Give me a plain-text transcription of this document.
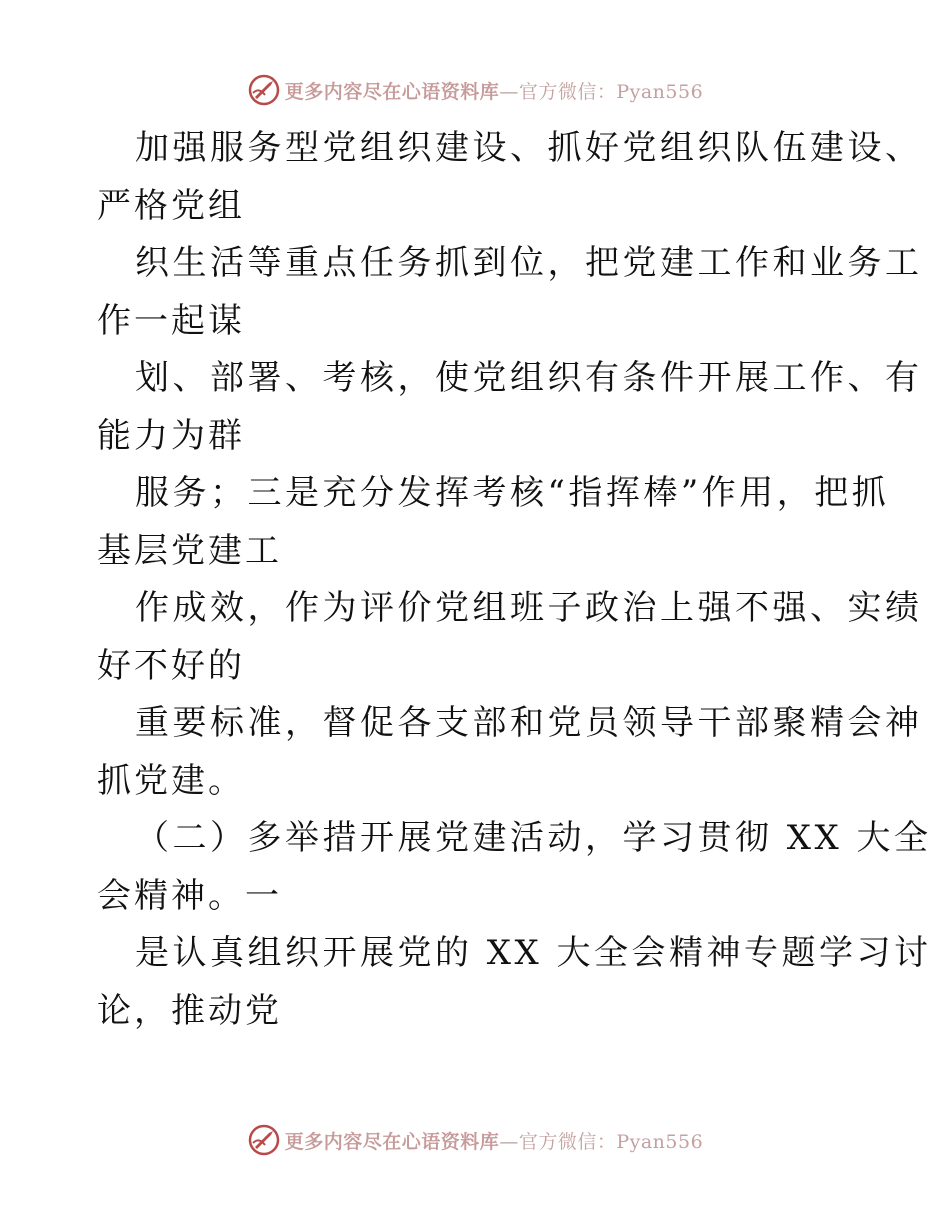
更多内容尽在心语资料库—官方微信：Pyan556
加强服务型党组织建设、抓好党组织队伍建设、
严格党组
织生活等重点任务抓到位，把党建工作和业务工
作一起谋
划、部署、考核，使党组织有条件开展工作、有
能力为群
服务；三是充分发挥考核“指挥棒”作用，把抓
基层党建工
作成效，作为评价党组班子政治上强不强、实绩
好不好的
重要标准，督促各支部和党员领导干部聚精会神
抓党建。
（二）多举措开展党建活动，学习贯彻 XX 大全
会精神。一
是认真组织开展党的 XX 大全会精神专题学习讨
论，推动党
更多内容尽在心语资料库—官方微信：Pyan556
